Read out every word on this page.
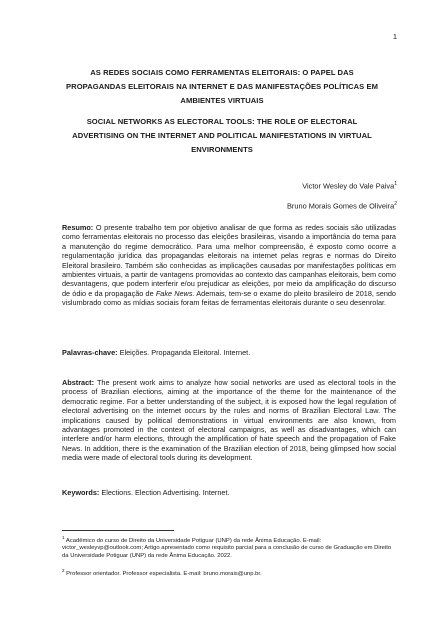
1
AS REDES SOCIAIS COMO FERRAMENTAS ELEITORAIS: O PAPEL DAS PROPAGANDAS ELEITORAIS NA INTERNET E DAS MANIFESTAÇÕES POLÍTICAS EM AMBIENTES VIRTUAIS
SOCIAL NETWORKS AS ELECTORAL TOOLS: THE ROLE OF ELECTORAL ADVERTISING ON THE INTERNET AND POLITICAL MANIFESTATIONS IN VIRTUAL ENVIRONMENTS
Victor Wesley do Vale Paiva$^1$
Bruno Morais Gomes de Oliveira$^2$
Resumo: O presente trabalho tem por objetivo analisar de que forma as redes sociais são utilizadas como ferramentas eleitorais no processo das eleições brasileiras, visando a importância do tema para a manutenção do regime democrático. Para uma melhor compreensão, é exposto como ocorre a regulamentação jurídica das propagandas eleitorais na internet pelas regras e normas do Direito Eleitoral brasileiro. Também são conhecidas as implicações causadas por manifestações políticas em ambientes virtuais, a partir de vantagens promovidas ao contexto das campanhas eleitorais, bem como desvantagens, que podem interferir e/ou prejudicar as eleições, por meio da amplificação do discurso de ódio e da propagação de Fake News. Ademais, tem-se o exame do pleito brasileiro de 2018, sendo vislumbrado como as mídias sociais foram feitas de ferramentas eleitorais durante o seu desenrolar.
Palavras-chave: Eleições. Propaganda Eleitoral. Internet.
Abstract: The present work aims to analyze how social networks are used as electoral tools in the process of Brazilian elections, aiming at the importance of the theme for the maintenance of the democratic regime. For a better understanding of the subject, it is exposed how the legal regulation of electoral advertising on the internet occurs by the rules and norms of Brazilian Electoral Law. The implications caused by political demonstrations in virtual environments are also known, from advantages promoted in the context of electoral campaigns, as well as disadvantages, which can interfere and/or harm elections, through the amplification of hate speech and the propagation of Fake News. In addition, there is the examination of the Brazilian election of 2018, being glimpsed how social media were made of electoral tools during its development.
Keywords: Elections. Election Advertising. Internet.
$^1$ Acadêmico do curso de Direito da Universidade Potiguar (UNP) da rede Ânima Educação. E-mail: victor_wesleyvp@outlook.com; Artigo apresentado como requisito parcial para a conclusão de curso de Graduação em Direito da Universidade Potiguar (UNP) da rede Ânima Educação. 2022.
$^2$ Professor orientador. Professor especialista. E-mail: bruno.morais@unp.br.
